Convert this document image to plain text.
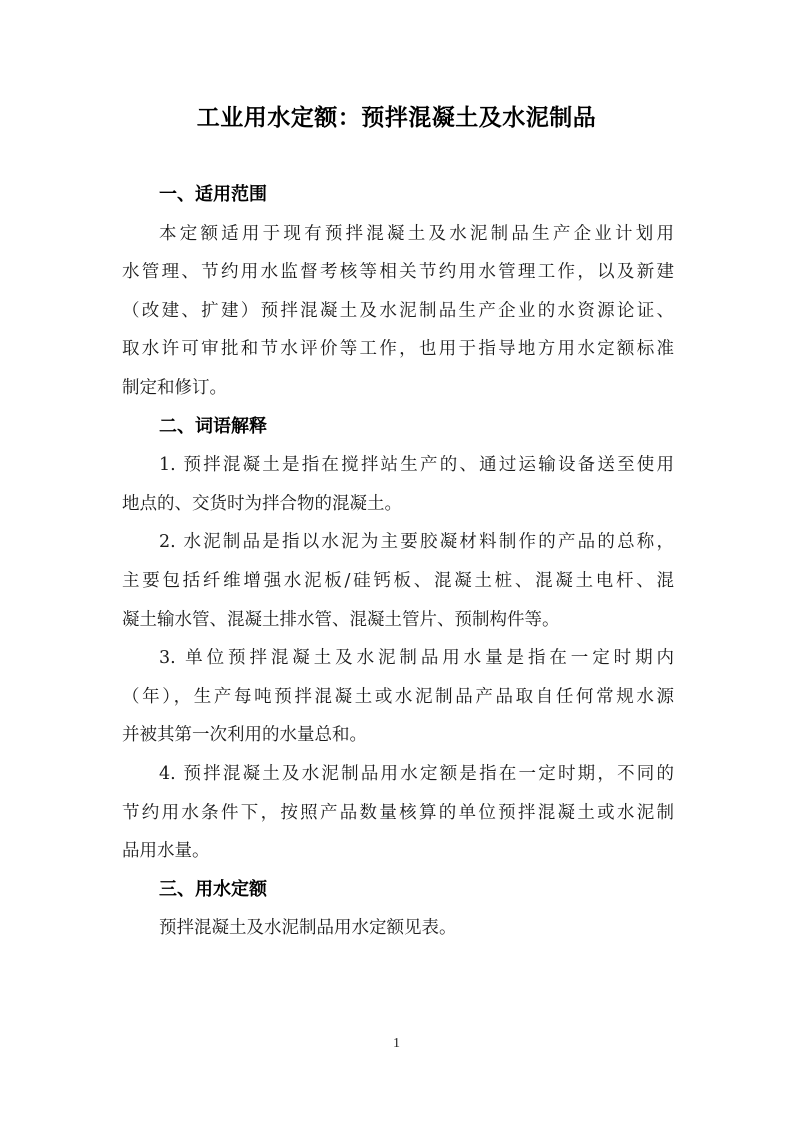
工业用水定额：预拌混凝土及水泥制品
一、适用范围
本定额适用于现有预拌混凝土及水泥制品生产企业计划用
水管理、节约用水监督考核等相关节约用水管理工作，以及新建
（改建、扩建）预拌混凝土及水泥制品生产企业的水资源论证、
取水许可审批和节水评价等工作，也用于指导地方用水定额标准
制定和修订。
二、词语解释
1. 预拌混凝土是指在搅拌站生产的、通过运输设备送至使用
地点的、交货时为拌合物的混凝土。
2. 水泥制品是指以水泥为主要胶凝材料制作的产品的总称，
主要包括纤维增强水泥板/硅钙板、混凝土桩、混凝土电杆、混
凝土输水管、混凝土排水管、混凝土管片、预制构件等。
3. 单位预拌混凝土及水泥制品用水量是指在一定时期内
（年），生产每吨预拌混凝土或水泥制品产品取自任何常规水源
并被其第一次利用的水量总和。
4. 预拌混凝土及水泥制品用水定额是指在一定时期，不同的
节约用水条件下，按照产品数量核算的单位预拌混凝土或水泥制
品用水量。
三、用水定额
预拌混凝土及水泥制品用水定额见表。
1
